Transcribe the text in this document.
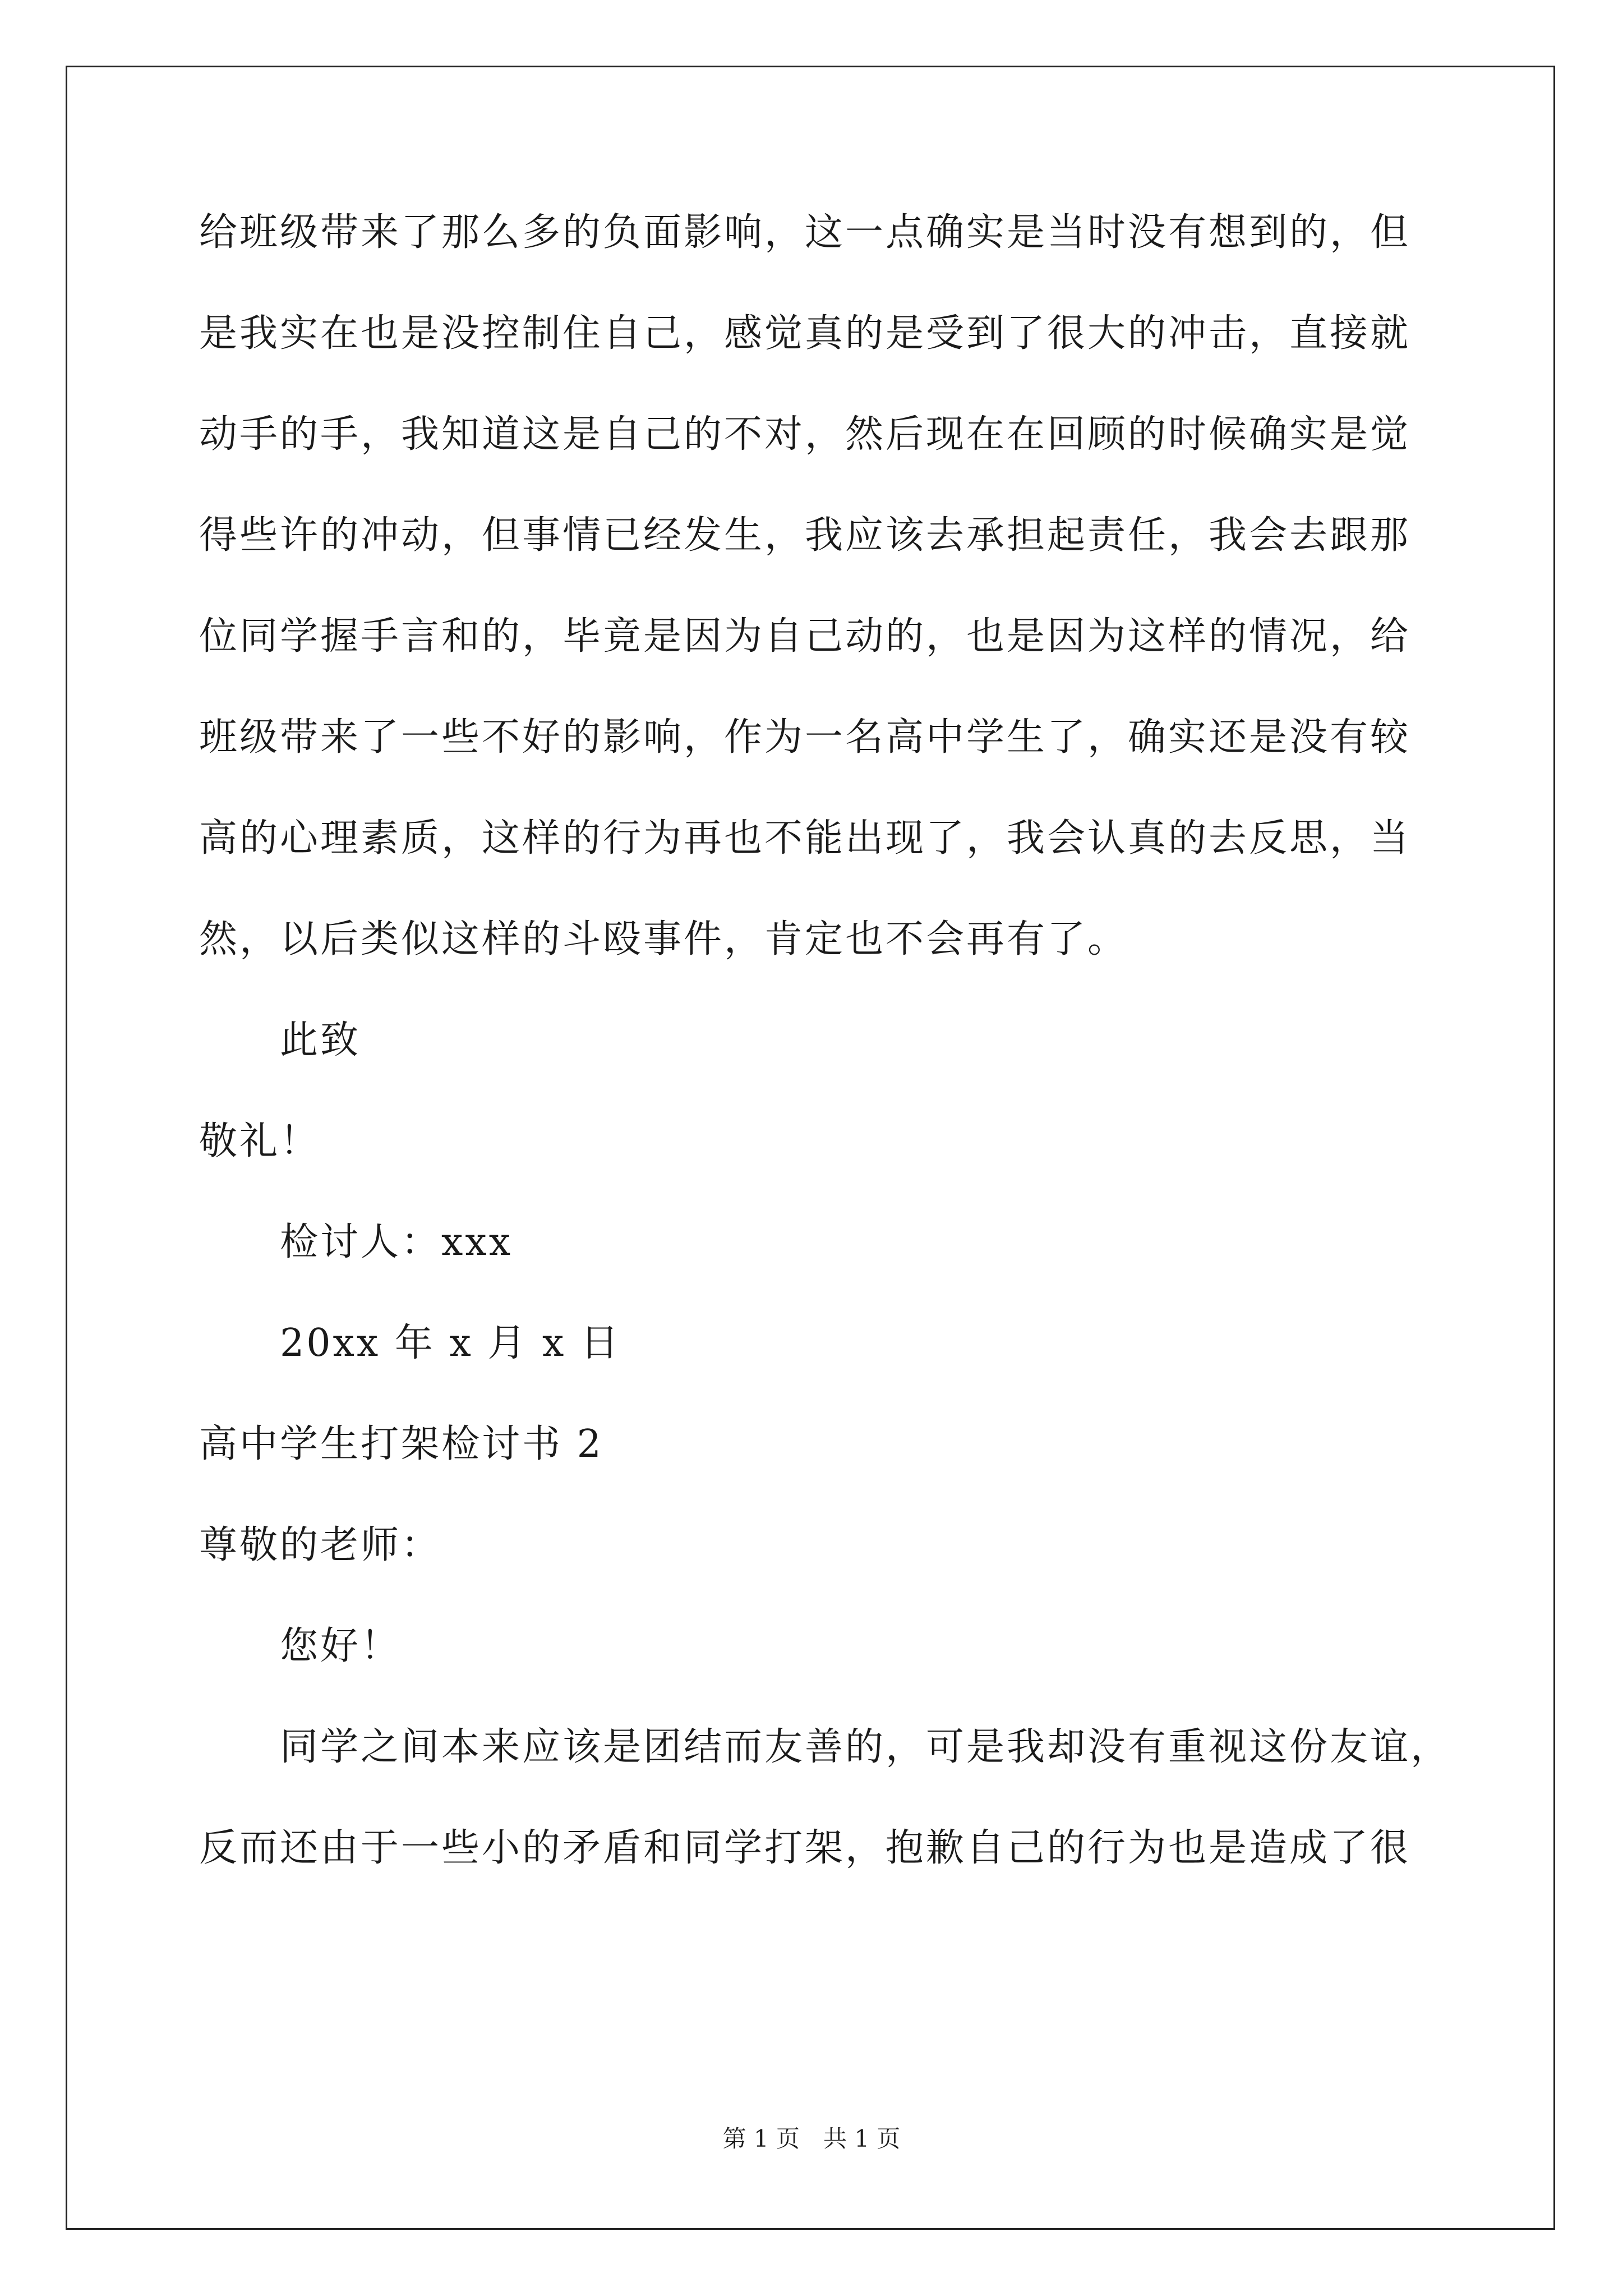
给班级带来了那么多的负面影响，这一点确实是当时没有想到的，但
是我实在也是没控制住自己，感觉真的是受到了很大的冲击，直接就
动手的手，我知道这是自己的不对，然后现在在回顾的时候确实是觉
得些许的冲动，但事情已经发生，我应该去承担起责任，我会去跟那
位同学握手言和的，毕竟是因为自己动的，也是因为这样的情况，给
班级带来了一些不好的影响，作为一名高中学生了，确实还是没有较
高的心理素质，这样的行为再也不能出现了，我会认真的去反思，当
然，以后类似这样的斗殴事件，肯定也不会再有了。
此致
敬礼！
检讨人：xxx
20xx 年 x 月 x 日
高中学生打架检讨书 2
尊敬的老师：
您好！
同学之间本来应该是团结而友善的，可是我却没有重视这份友谊，
反而还由于一些小的矛盾和同学打架，抱歉自己的行为也是造成了很
第 1 页　共 1 页
